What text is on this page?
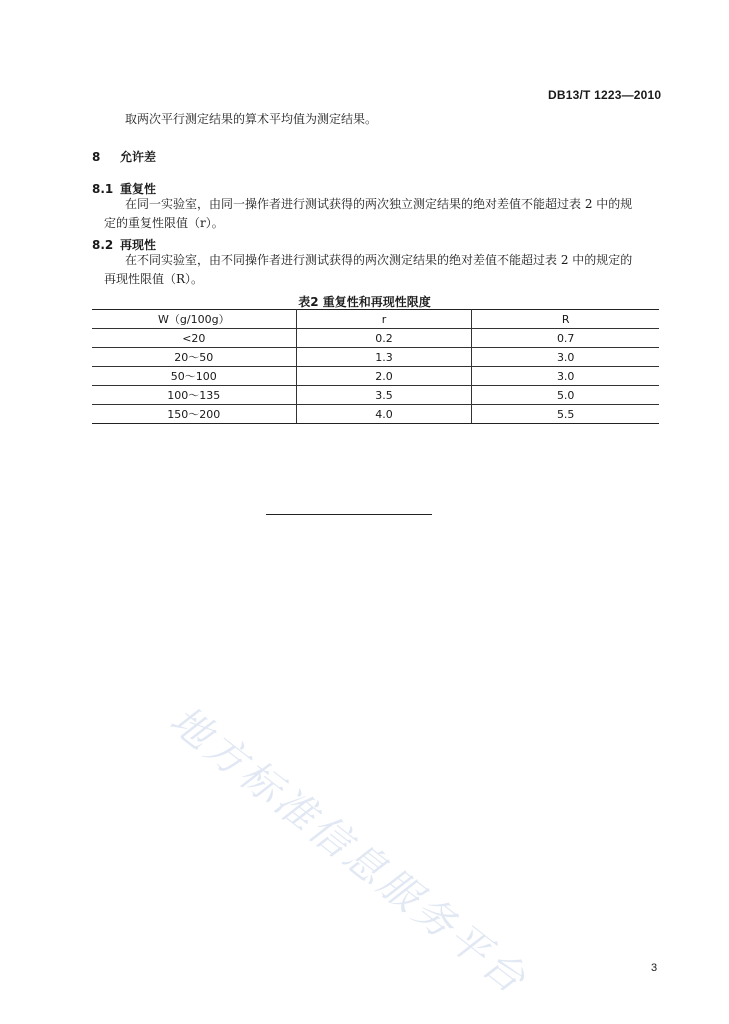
DB13/T 1223—2010
取两次平行测定结果的算术平均值为测定结果。
8 允许差
8.1 重复性
在同一实验室，由同一操作者进行测试获得的两次独立测定结果的绝对差值不能超过表 2 中的规
定的重复性限值（r）。
8.2 再现性
在不同实验室，由不同操作者进行测试获得的两次测定结果的绝对差值不能超过表 2 中的规定的
再现性限值（R）。
表2 重复性和再现性限度
W（g/100g）	r	R
<20	0.2	0.7
20～50	1.3	3.0
50～100	2.0	3.0
100～135	3.5	5.0
150～200	4.0	5.5
地方标准信息服务平台	3
